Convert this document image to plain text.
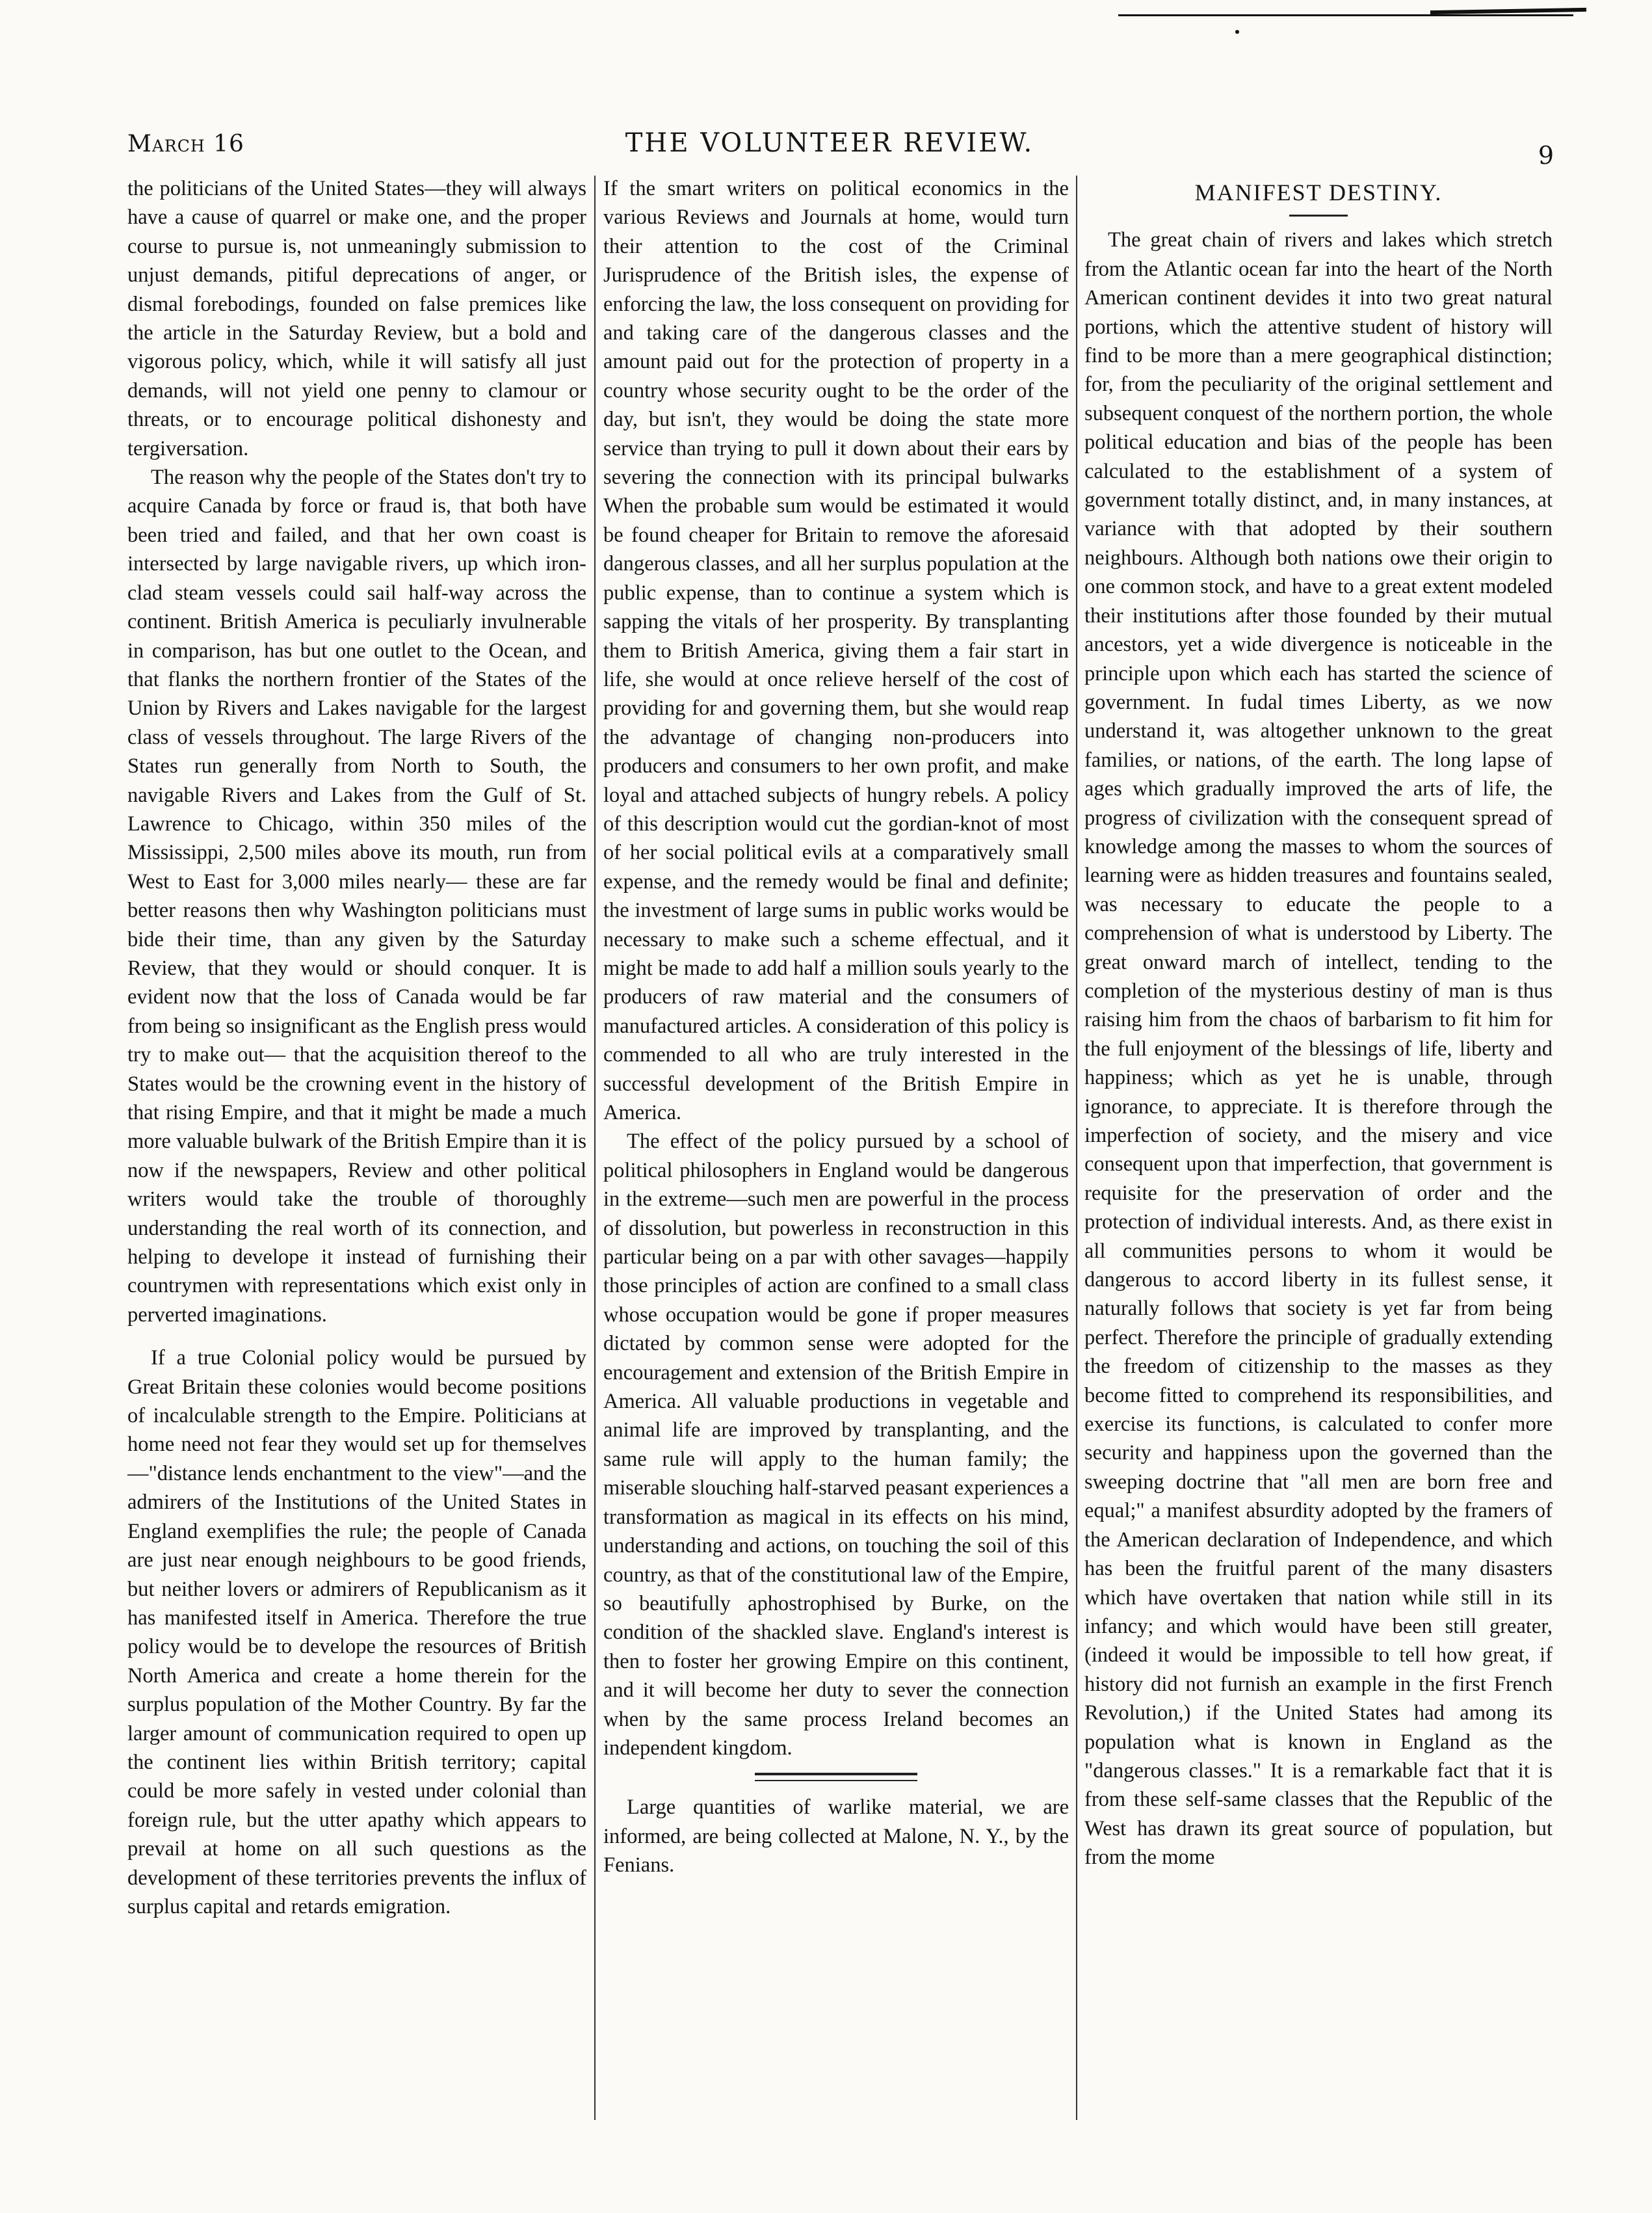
March 16	THE VOLUNTEER REVIEW.	9

the politicians of the United States—they will always have a cause of quarrel or make one, and the proper course to pursue is, not unmeaningly submission to unjust demands, pitiful deprecations of anger, or dismal forebodings, founded on false premices like the article in the Saturday Review, but a bold and vigorous policy, which, while it will satisfy all just demands, will not yield one penny to clamour or threats, or to encourage political dishonesty and tergiversation.

The reason why the people of the States don't try to acquire Canada by force or fraud is, that both have been tried and failed, and that her own coast is intersected by large navigable rivers, up which iron-clad steam vessels could sail half-way across the continent. British America is peculiarly invulnerable in comparison, has but one outlet to the Ocean, and that flanks the northern frontier of the States of the Union by Rivers and Lakes navigable for the largest class of vessels throughout. The large Rivers of the States run generally from North to South, the navigable Rivers and Lakes from the Gulf of St. Lawrence to Chicago, within 350 miles of the Mississippi, 2,500 miles above its mouth, run from West to East for 3,000 miles nearly— these are far better reasons then why Washington politicians must bide their time, than any given by the Saturday Review, that they would or should conquer. It is evident now that the loss of Canada would be far from being so insignificant as the English press would try to make out— that the acquisition thereof to the States would be the crowning event in the history of that rising Empire, and that it might be made a much more valuable bulwark of the British Empire than it is now if the newspapers, Review and other political writers would take the trouble of thoroughly understanding the real worth of its connection, and helping to develope it instead of furnishing their countrymen with representations which exist only in perverted imaginations.

If a true Colonial policy would be pursued by Great Britain these colonies would become positions of incalculable strength to the Empire. Politicians at home need not fear they would set up for themselves—"distance lends enchantment to the view"—and the admirers of the Institutions of the United States in England exemplifies the rule; the people of Canada are just near enough neighbours to be good friends, but neither lovers or admirers of Republicanism as it has manifested itself in America. Therefore the true policy would be to develope the resources of British North America and create a home therein for the surplus population of the Mother Country. By far the larger amount of communication required to open up the continent lies within British territory; capital could be more safely in vested under colonial than foreign rule, but the utter apathy which appears to prevail at home on all such questions as the development of these territories prevents the influx of surplus capital and retards emigration.

If the smart writers on political economics in the various Reviews and Journals at home, would turn their attention to the cost of the Criminal Jurisprudence of the British isles, the expense of enforcing the law, the loss consequent on providing for and taking care of the dangerous classes and the amount paid out for the protection of property in a country whose security ought to be the order of the day, but isn't, they would be doing the state more service than trying to pull it down about their ears by severing the connection with its principal bulwarks When the probable sum would be estimated it would be found cheaper for Britain to remove the aforesaid dangerous classes, and all her surplus population at the public expense, than to continue a system which is sapping the vitals of her prosperity. By transplanting them to British America, giving them a fair start in life, she would at once relieve herself of the cost of providing for and governing them, but she would reap the advantage of changing non-producers into producers and consumers to her own profit, and make loyal and attached subjects of hungry rebels. A policy of this description would cut the gordian-knot of most of her social political evils at a comparatively small expense, and the remedy would be final and definite; the investment of large sums in public works would be necessary to make such a scheme effectual, and it might be made to add half a million souls yearly to the producers of raw material and the consumers of manufactured articles. A consideration of this policy is commended to all who are truly interested in the successful development of the British Empire in America.

The effect of the policy pursued by a school of political philosophers in England would be dangerous in the extreme—such men are powerful in the process of dissolution, but powerless in reconstruction in this particular being on a par with other savages—happily those principles of action are confined to a small class whose occupation would be gone if proper measures dictated by common sense were adopted for the encouragement and extension of the British Empire in America. All valuable productions in vegetable and animal life are improved by transplanting, and the same rule will apply to the human family; the miserable slouching half-starved peasant experiences a transformation as magical in its effects on his mind, understanding and actions, on touching the soil of this country, as that of the constitutional law of the Empire, so beautifully aphostrophised by Burke, on the condition of the shackled slave. England's interest is then to foster her growing Empire on this continent, and it will become her duty to sever the connection when by the same process Ireland becomes an independent kingdom.

Large quantities of warlike material, we are informed, are being collected at Malone, N. Y., by the Fenians.

MANIFEST DESTINY.

The great chain of rivers and lakes which stretch from the Atlantic ocean far into the heart of the North American continent devides it into two great natural portions, which the attentive student of history will find to be more than a mere geographical distinction; for, from the peculiarity of the original settlement and subsequent conquest of the northern portion, the whole political education and bias of the people has been calculated to the establishment of a system of government totally distinct, and, in many instances, at variance with that adopted by their southern neighbours. Although both nations owe their origin to one common stock, and have to a great extent modeled their institutions after those founded by their mutual ancestors, yet a wide divergence is noticeable in the principle upon which each has started the science of government. In fudal times Liberty, as we now understand it, was altogether unknown to the great families, or nations, of the earth. The long lapse of ages which gradually improved the arts of life, the progress of civilization with the consequent spread of knowledge among the masses to whom the sources of learning were as hidden treasures and fountains sealed, was necessary to educate the people to a comprehension of what is understood by Liberty. The great onward march of intellect, tending to the completion of the mysterious destiny of man is thus raising him from the chaos of barbarism to fit him for the full enjoyment of the blessings of life, liberty and happiness; which as yet he is unable, through ignorance, to appreciate. It is therefore through the imperfection of society, and the misery and vice consequent upon that imperfection, that government is requisite for the preservation of order and the protection of individual interests. And, as there exist in all communities persons to whom it would be dangerous to accord liberty in its fullest sense, it naturally follows that society is yet far from being perfect. Therefore the principle of gradually extending the freedom of citizenship to the masses as they become fitted to comprehend its responsibilities, and exercise its functions, is calculated to confer more security and happiness upon the governed than the sweeping doctrine that "all men are born free and equal;" a manifest absurdity adopted by the framers of the American declaration of Independence, and which has been the fruitful parent of the many disasters which have overtaken that nation while still in its infancy; and which would have been still greater, (indeed it would be impossible to tell how great, if history did not furnish an example in the first French Revolution,) if the United States had among its population what is known in England as the "dangerous classes." It is a remarkable fact that it is from these self-same classes that the Republic of the West has drawn its great source of population, but from the mome
